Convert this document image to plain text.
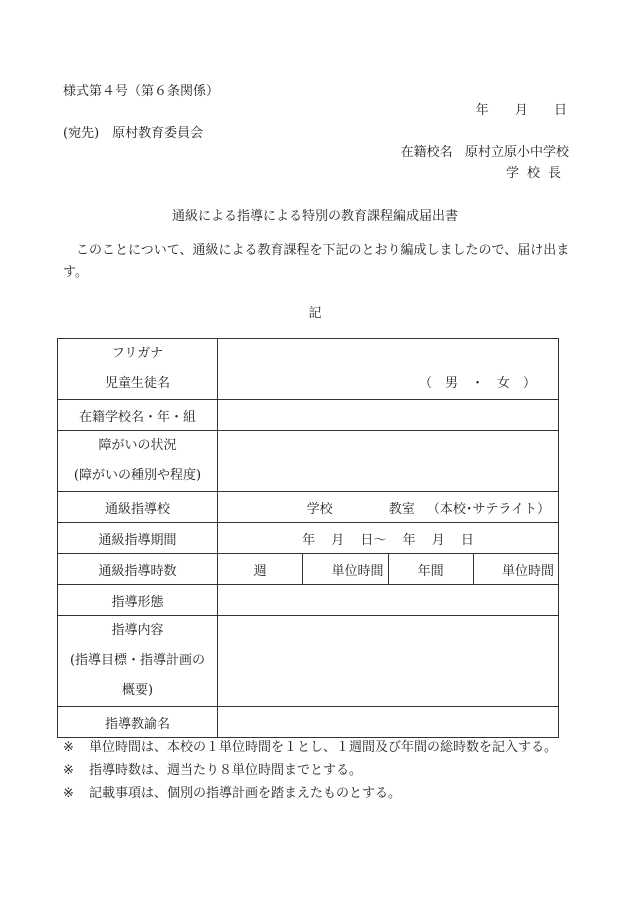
様式第４号（第６条関係）
年 月 日
(宛先)　原村教育委員会
在籍校名 原村立原小中学校
学校長
通級による指導による特別の教育課程編成届出書
このことについて、通級による教育課程を下記のとおり編成しましたので、届け出ます。
記
フリガナ
児童生徒名	（　男　・　女　）			

在籍学校名・年・組				

障がいの状況
(障がいの種別や程度)				

通級指導校	学校 教室 （本校･サテライト）			
通級指導期間	年 月 日～ 年 月 日			
通級指導時数	週	単位時間	年間	単位時間
指導形態				

指導内容
(指導目標・指導計画の
概要)				

指導教諭名				
※ 単位時間は、本校の１単位時間を１とし、１週間及び年間の総時数を記入する。
※ 指導時数は、週当たり８単位時間までとする。
※ 記載事項は、個別の指導計画を踏まえたものとする。
